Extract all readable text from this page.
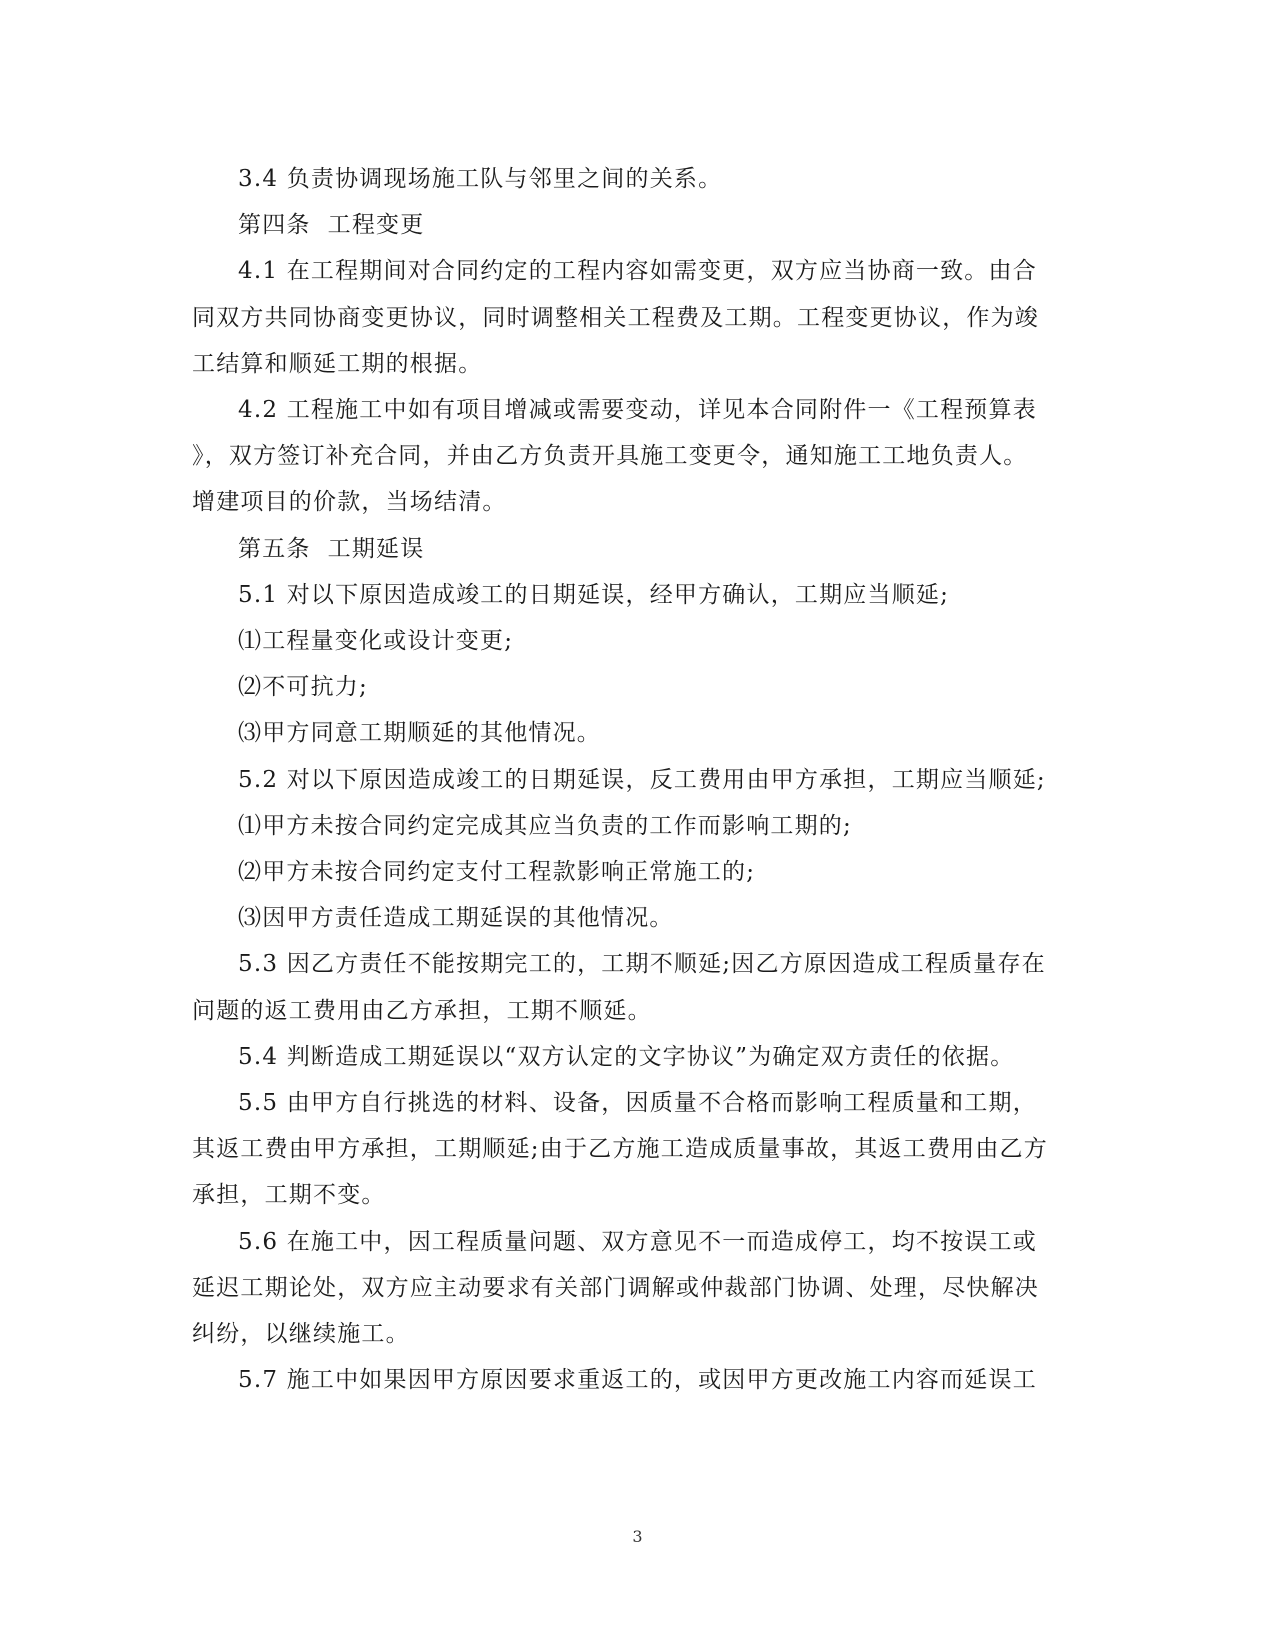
3.4 负责协调现场施工队与邻里之间的关系。
第四条  工程变更
4.1 在工程期间对合同约定的工程内容如需变更，双方应当协商一致。由合
同双方共同协商变更协议，同时调整相关工程费及工期。工程变更协议，作为竣
工结算和顺延工期的根据。
4.2 工程施工中如有项目增减或需要变动，详见本合同附件一《工程预算表
》，双方签订补充合同，并由乙方负责开具施工变更令，通知施工工地负责人。
增建项目的价款，当场结清。
第五条  工期延误
5.1 对以下原因造成竣工的日期延误，经甲方确认，工期应当顺延;
⑴工程量变化或设计变更;
⑵不可抗力;
⑶甲方同意工期顺延的其他情况。
5.2 对以下原因造成竣工的日期延误，反工费用由甲方承担，工期应当顺延;
⑴甲方未按合同约定完成其应当负责的工作而影响工期的;
⑵甲方未按合同约定支付工程款影响正常施工的;
⑶因甲方责任造成工期延误的其他情况。
5.3 因乙方责任不能按期完工的，工期不顺延;因乙方原因造成工程质量存在
问题的返工费用由乙方承担，工期不顺延。
5.4 判断造成工期延误以“双方认定的文字协议”为确定双方责任的依据。
5.5 由甲方自行挑选的材料、设备，因质量不合格而影响工程质量和工期，
其返工费由甲方承担，工期顺延;由于乙方施工造成质量事故，其返工费用由乙方
承担，工期不变。
5.6 在施工中，因工程质量问题、双方意见不一而造成停工，均不按误工或
延迟工期论处，双方应主动要求有关部门调解或仲裁部门协调、处理，尽快解决
纠纷，以继续施工。
5.7 施工中如果因甲方原因要求重返工的，或因甲方更改施工内容而延误工
3
